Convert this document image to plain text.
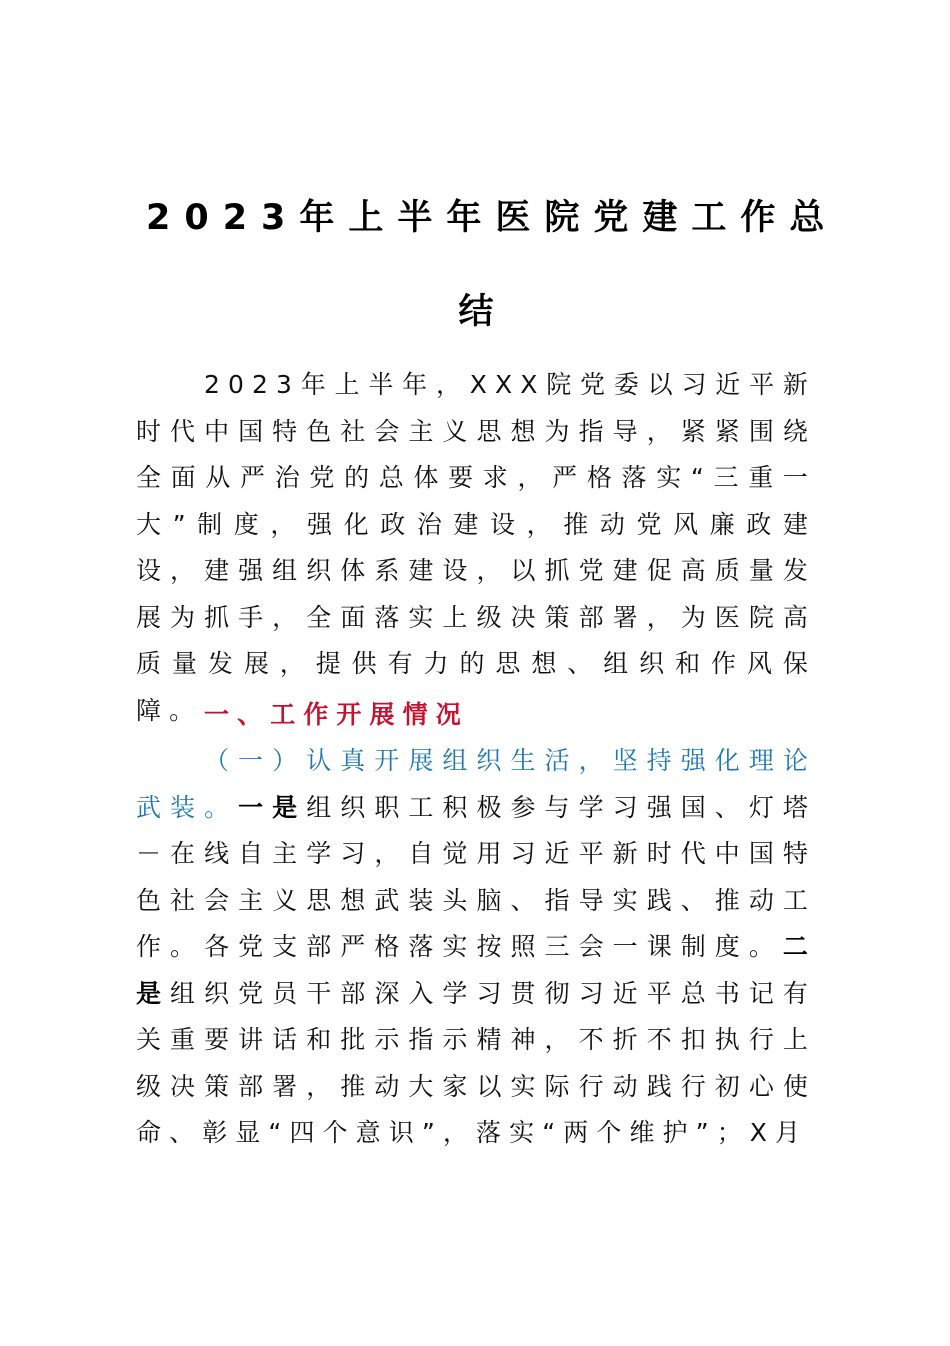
2023年上半年医院党建工作总
结

2023年上半年，XXX院党委以习近平新时代中国特色社会主义思想为指导，紧紧围绕全面从严治党的总体要求，严格落实“三重一大”制度，强化政治建设，推动党风廉政建设，建强组织体系建设，以抓党建促高质量发展为抓手，全面落实上级决策部署，为医院高质量发展，提供有力的思想、组织和作风保障。 一、工作开展情况

（一）认真开展组织生活，坚持强化理论武装。一是组织职工积极参与学习强国、灯塔－在线自主学习，自觉用习近平新时代中国特色社会主义思想武装头脑、指导实践、推动工作。各党支部严格落实按照三会一课制度。二是组织党员干部深入学习贯彻习近平总书记有关重要讲话和批示指示精神，不折不扣执行上级决策部署，推动大家以实际行动践行初心使命、彰显“四个意识”，落实“两个维护”；X月
